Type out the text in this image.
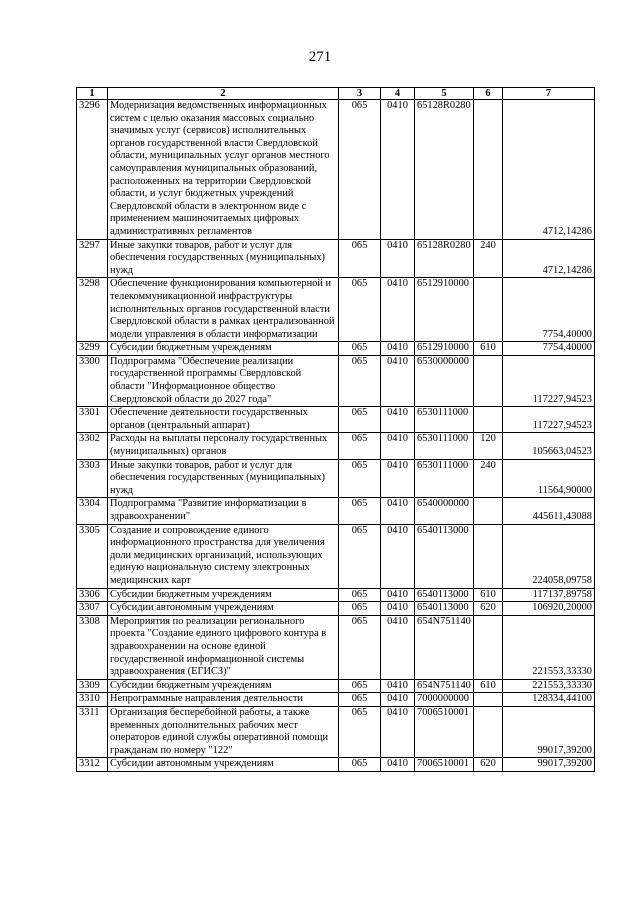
271
1	2	3	4	5	6	7
3296	Модернизация ведомственных информационных систем с целью оказания массовых социально значимых услуг (сервисов) исполнительных органов государственной власти Свердловской области, муниципальных услуг органов местного самоуправления муниципальных образований, расположенных на территории Свердловской области, и услуг бюджетных учреждений Свердловской области в электронном виде с применением машиночитаемых цифровых административных регламентов	065	0410	65128R0280		4712,14286
3297	Иные закупки товаров, работ и услуг для обеспечения государственных (муниципальных) нужд	065	0410	65128R0280	240	4712,14286
3298	Обеспечение функционирования компьютерной и телекоммуникационной инфраструктуры исполнительных органов государственной власти Свердловской области в рамках централизованной модели управления в области информатизации	065	0410	6512910000		7754,40000
3299	Субсидии бюджетным учреждениям	065	0410	6512910000	610	7754,40000
3300	Подпрограмма "Обеспечение реализации государственной программы Свердловской области "Информационное общество Свердловской области до 2027 года"	065	0410	6530000000		117227,94523
3301	Обеспечение деятельности государственных органов (центральный аппарат)	065	0410	6530111000		117227,94523
3302	Расходы на выплаты персоналу государственных (муниципальных) органов	065	0410	6530111000	120	105663,04523
3303	Иные закупки товаров, работ и услуг для обеспечения государственных (муниципальных) нужд	065	0410	6530111000	240	11564,90000
3304	Подпрограмма "Развитие информатизации в здравоохранении"	065	0410	6540000000		445611,43088
3305	Создание и сопровождение единого информационного пространства для увеличения доли медицинских организаций, использующих единую национальную систему электронных медицинских карт	065	0410	6540113000		224058,09758
3306	Субсидии бюджетным учреждениям	065	0410	6540113000	610	117137,89758
3307	Субсидии автономным учреждениям	065	0410	6540113000	620	106920,20000
3308	Мероприятия по реализации регионального проекта "Создание единого цифрового контура в здравоохранении на основе единой государственной информационной системы здравоохранения (ЕГИСЗ)"	065	0410	654N751140		221553,33330
3309	Субсидии бюджетным учреждениям	065	0410	654N751140	610	221553,33330
3310	Непрограммные направления деятельности	065	0410	7000000000		128334,44100
3311	Организация бесперебойной работы, а также временных дополнительных рабочих мест операторов единой службы оперативной помощи гражданам по номеру "122"	065	0410	7006510001		99017,39200
3312	Субсидии автономным учреждениям	065	0410	7006510001	620	99017,39200
